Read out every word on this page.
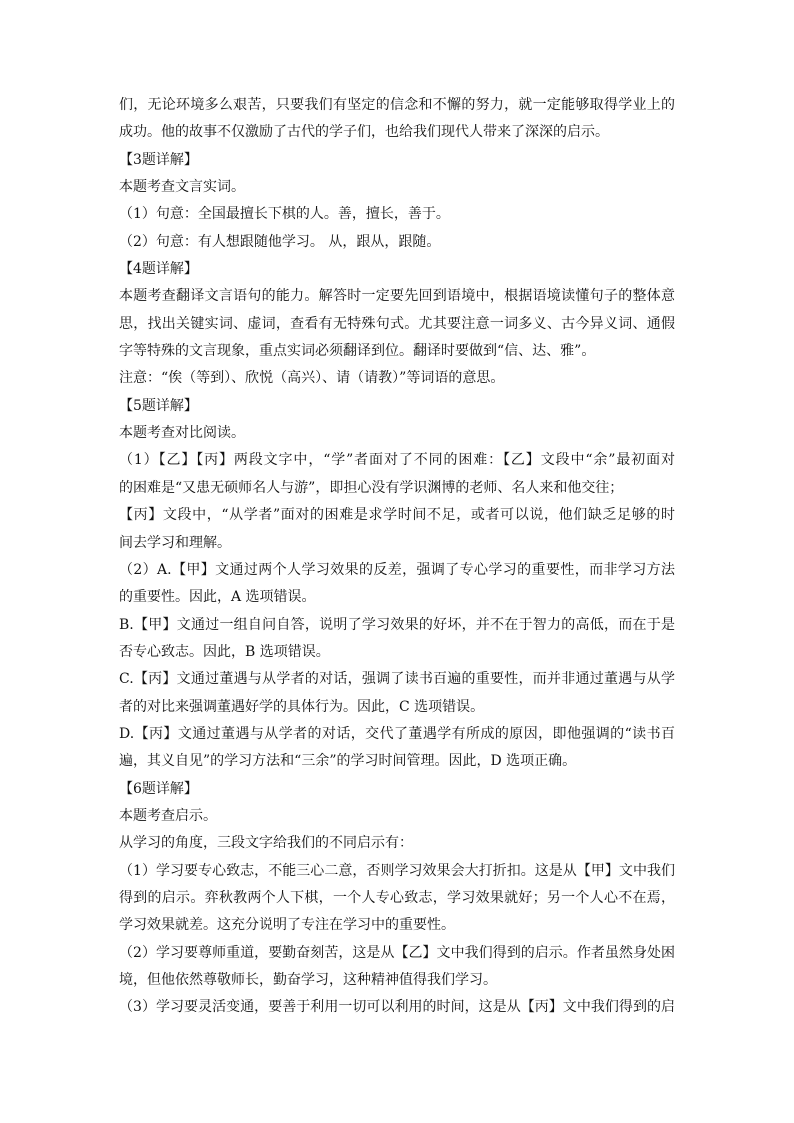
们，无论环境多么艰苦，只要我们有坚定的信念和不懈的努力，就一定能够取得学业上的
成功。他的故事不仅激励了古代的学子们，也给我们现代人带来了深深的启示。
【3题详解】
本题考查文言实词。
（1）句意：全国最擅长下棋的人。善，擅长，善于。
（2）句意：有人想跟随他学习。 从，跟从，跟随。
【4题详解】
本题考查翻译文言语句的能力。解答时一定要先回到语境中，根据语境读懂句子的整体意
思，找出关键实词、虚词，查看有无特殊句式。尤其要注意一词多义、古今异义词、通假
字等特殊的文言现象，重点实词必须翻译到位。翻译时要做到“信、达、雅”。
注意：“俟（等到）、欣悦（高兴）、请（请教）”等词语的意思。
【5题详解】
本题考查对比阅读。
（1）【乙】【丙】两段文字中，“学”者面对了不同的困难：【乙】文段中“余”最初面对
的困难是“又患无硕师名人与游”，即担心没有学识渊博的老师、名人来和他交往；
【丙】文段中，“从学者”面对的困难是求学时间不足，或者可以说，他们缺乏足够的时
间去学习和理解。
（2）A.【甲】文通过两个人学习效果的反差，强调了专心学习的重要性，而非学习方法
的重要性。因此，A 选项错误。
B.【甲】文通过一组自问自答，说明了学习效果的好坏，并不在于智力的高低，而在于是
否专心致志。因此，B 选项错误。
C.【丙】文通过董遇与从学者的对话，强调了读书百遍的重要性，而并非通过董遇与从学
者的对比来强调董遇好学的具体行为。因此，C 选项错误。
D.【丙】文通过董遇与从学者的对话，交代了董遇学有所成的原因，即他强调的“读书百
遍，其义自见”的学习方法和“三余”的学习时间管理。因此，D 选项正确。
【6题详解】
本题考查启示。
从学习的角度，三段文字给我们的不同启示有：
（1）学习要专心致志，不能三心二意，否则学习效果会大打折扣。这是从【甲】文中我们
得到的启示。弈秋教两个人下棋，一个人专心致志，学习效果就好；另一个人心不在焉，
学习效果就差。这充分说明了专注在学习中的重要性。
（2）学习要尊师重道，要勤奋刻苦，这是从【乙】文中我们得到的启示。作者虽然身处困
境，但他依然尊敬师长，勤奋学习，这种精神值得我们学习。
（3）学习要灵活变通，要善于利用一切可以利用的时间，这是从【丙】文中我们得到的启
